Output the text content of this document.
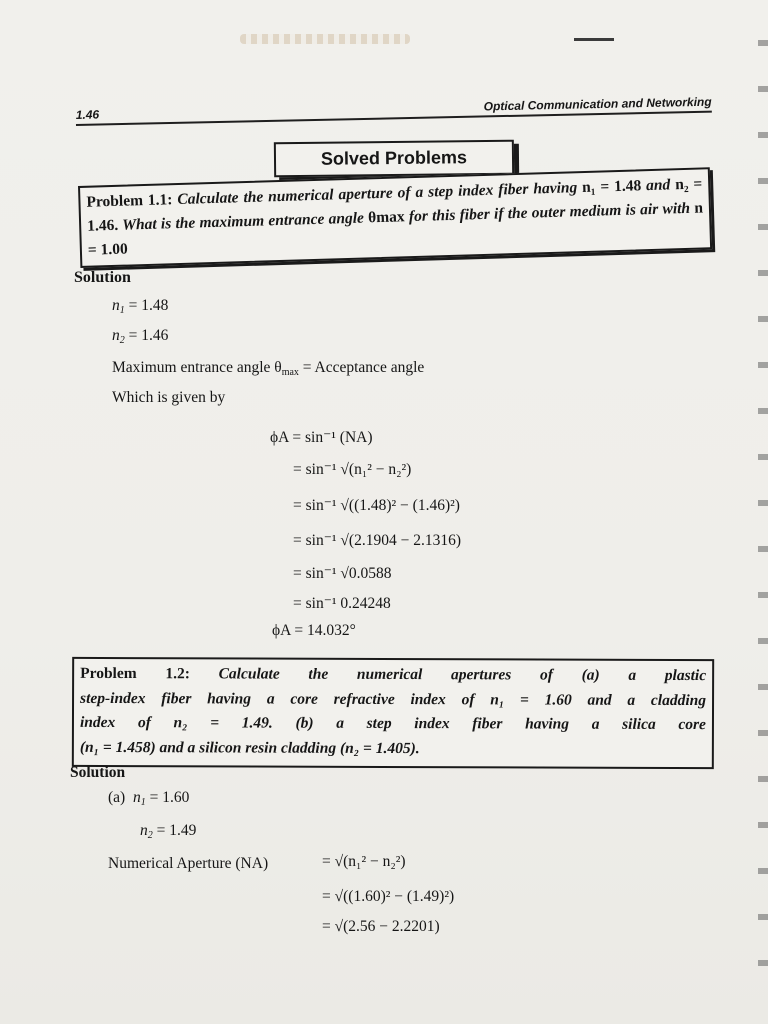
1.46
Optical Communication and Networking
Solved Problems
Problem 1.1: Calculate the numerical aperture of a step index fiber having n₁ = 1.48 and n₂ = 1.46. What is the maximum entrance angle θmax for this fiber if the outer medium is air with n = 1.00
Solution
$n_1 = 1.48$
$n_2 = 1.46$
Maximum entrance angle $\theta_{max}$ = Acceptance angle
Which is given by
ϕA = sin⁻¹ (NA)
= sin⁻¹ √(n₁² − n₂²)
= sin⁻¹ √((1.48)² − (1.46)²)
= sin⁻¹ √(2.1904 − 2.1316)
= sin⁻¹ √0.0588
= sin⁻¹ 0.24248
ϕA = 14.032°
Problem 1.2: Calculate the numerical apertures of (a) a plastic
step-index fiber having a core refractive index of n₁ = 1.60 and a cladding
index of n₂ = 1.49. (b) a step index fiber having a silica core
(n₁ = 1.458) and a silicon resin cladding (n₂ = 1.405).
Solution
(a)  $n_1 = 1.60$
$n_2 = 1.49$
Numerical Aperture (NA)	= √(n₁² − n₂²)
= √((1.60)² − (1.49)²)
= √(2.56 − 2.2201)
